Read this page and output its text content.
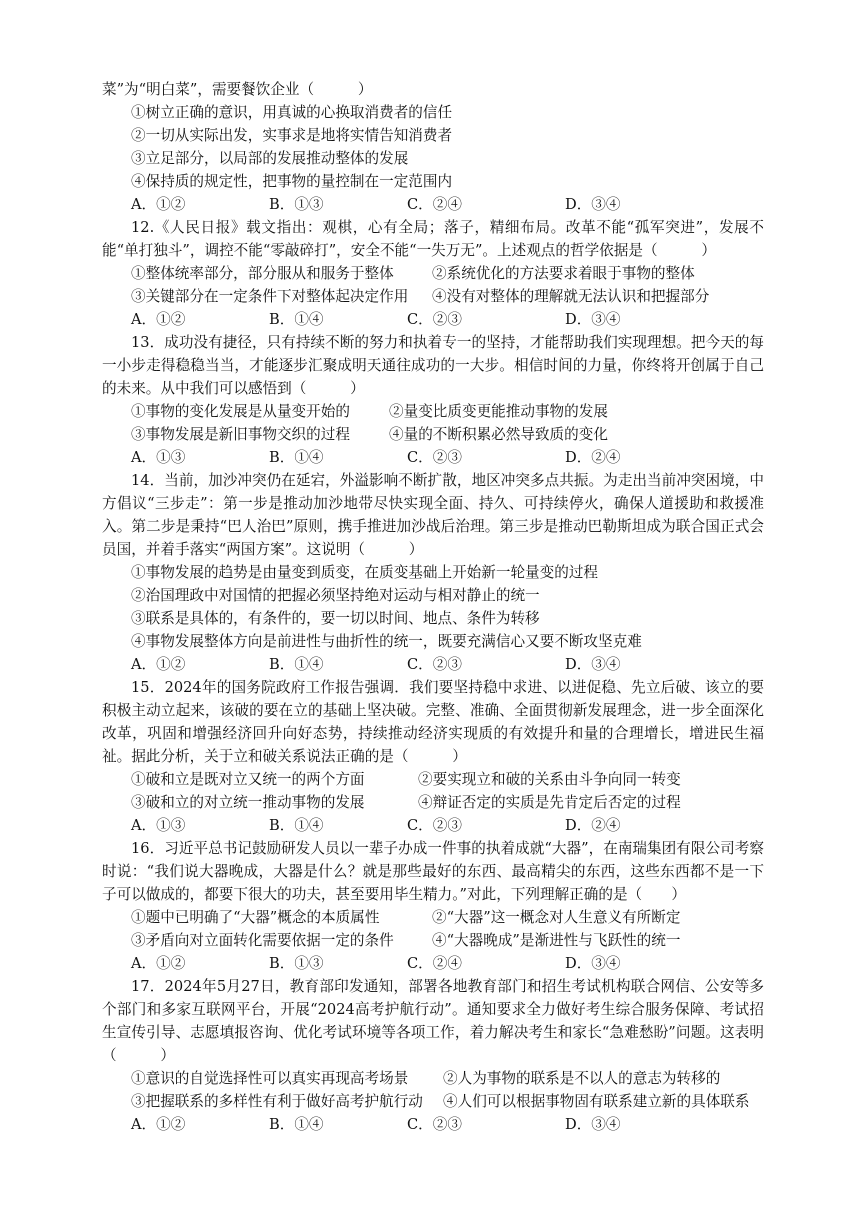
菜”为“明白菜”，需要餐饮企业（　　　）
①树立正确的意识，用真诚的心换取消费者的信任
②一切从实际出发，实事求是地将实情告知消费者
③立足部分，以局部的发展推动整体的发展
④保持质的规定性，把事物的量控制在一定范围内
A．①②	B．①③	C．②④	D．③④

12.《人民日报》载文指出：观棋，心有全局；落子，精细布局。改革不能“孤军突进”，发展不能“单打独斗”，调控不能“零敲碎打”，安全不能“一失万无”。上述观点的哲学依据是（　　　）

①整体统率部分，部分服从和服务于整体	②系统优化的方法要求着眼于事物的整体
③关键部分在一定条件下对整体起决定作用	④没有对整体的理解就无法认识和把握部分
A．①②	B．①④	C．②③	D．③④

13．成功没有捷径，只有持续不断的努力和执着专一的坚持，才能帮助我们实现理想。把今天的每一小步走得稳稳当当，才能逐步汇聚成明天通往成功的一大步。相信时间的力量，你终将开创属于自己的未来。从中我们可以感悟到（　　　）

①事物的变化发展是从量变开始的	②量变比质变更能推动事物的发展
③事物发展是新旧事物交织的过程	④量的不断积累必然导致质的变化
A．①③	B．①④	C．②③	D．②④

14．当前，加沙冲突仍在延宕，外溢影响不断扩散，地区冲突多点共振。为走出当前冲突困境，中方倡议“三步走”：第一步是推动加沙地带尽快实现全面、持久、可持续停火，确保人道援助和救援准入。第二步是秉持“巴人治巴”原则，携手推进加沙战后治理。第三步是推动巴勒斯坦成为联合国正式会员国，并着手落实“两国方案”。这说明（　　　）

①事物发展的趋势是由量变到质变，在质变基础上开始新一轮量变的过程
②治国理政中对国情的把握必须坚持绝对运动与相对静止的统一
③联系是具体的，有条件的，要一切以时间、地点、条件为转移
④事物发展整体方向是前进性与曲折性的统一，既要充满信心又要不断攻坚克难
A．①②	B．①④	C．②③	D．③④

15．2024年的国务院政府工作报告强调．我们要坚持稳中求进、以进促稳、先立后破、该立的要积极主动立起来，该破的要在立的基础上坚决破。完整、准确、全面贯彻新发展理念，进一步全面深化改革，巩固和增强经济回升向好态势，持续推动经济实现质的有效提升和量的合理增长，增进民生福祉。据此分析，关于立和破关系说法正确的是（　　　）

①破和立是既对立又统一的两个方面	②要实现立和破的关系由斗争向同一转变
③破和立的对立统一推动事物的发展	④辩证否定的实质是先肯定后否定的过程
A．①③	B．①④	C．②③	D．②④

16．习近平总书记鼓励研发人员以一辈子办成一件事的执着成就“大器”，在南瑞集团有限公司考察时说：“我们说大器晚成，大器是什么？就是那些最好的东西、最高精尖的东西，这些东西都不是一下子可以做成的，都要下很大的功夫，甚至要用毕生精力。”对此，下列理解正确的是（　　）

①题中已明确了“大器”概念的本质属性	②“大器”这一概念对人生意义有所断定
③矛盾向对立面转化需要依据一定的条件	④“大器晚成”是渐进性与飞跃性的统一
A．①②	B．①③	C．②④	D．③④

17．2024年5月27日，教育部印发通知，部署各地教育部门和招生考试机构联合网信、公安等多个部门和多家互联网平台，开展“2024高考护航行动”。通知要求全力做好考生综合服务保障、考试招生宣传引导、志愿填报咨询、优化考试环境等各项工作，着力解决考生和家长“急难愁盼”问题。这表明（　　　）

①意识的自觉选择性可以真实再现高考场景	②人为事物的联系是不以人的意志为转移的
③把握联系的多样性有利于做好高考护航行动	④人们可以根据事物固有联系建立新的具体联系
A．①②	B．①④	C．②③	D．③④
